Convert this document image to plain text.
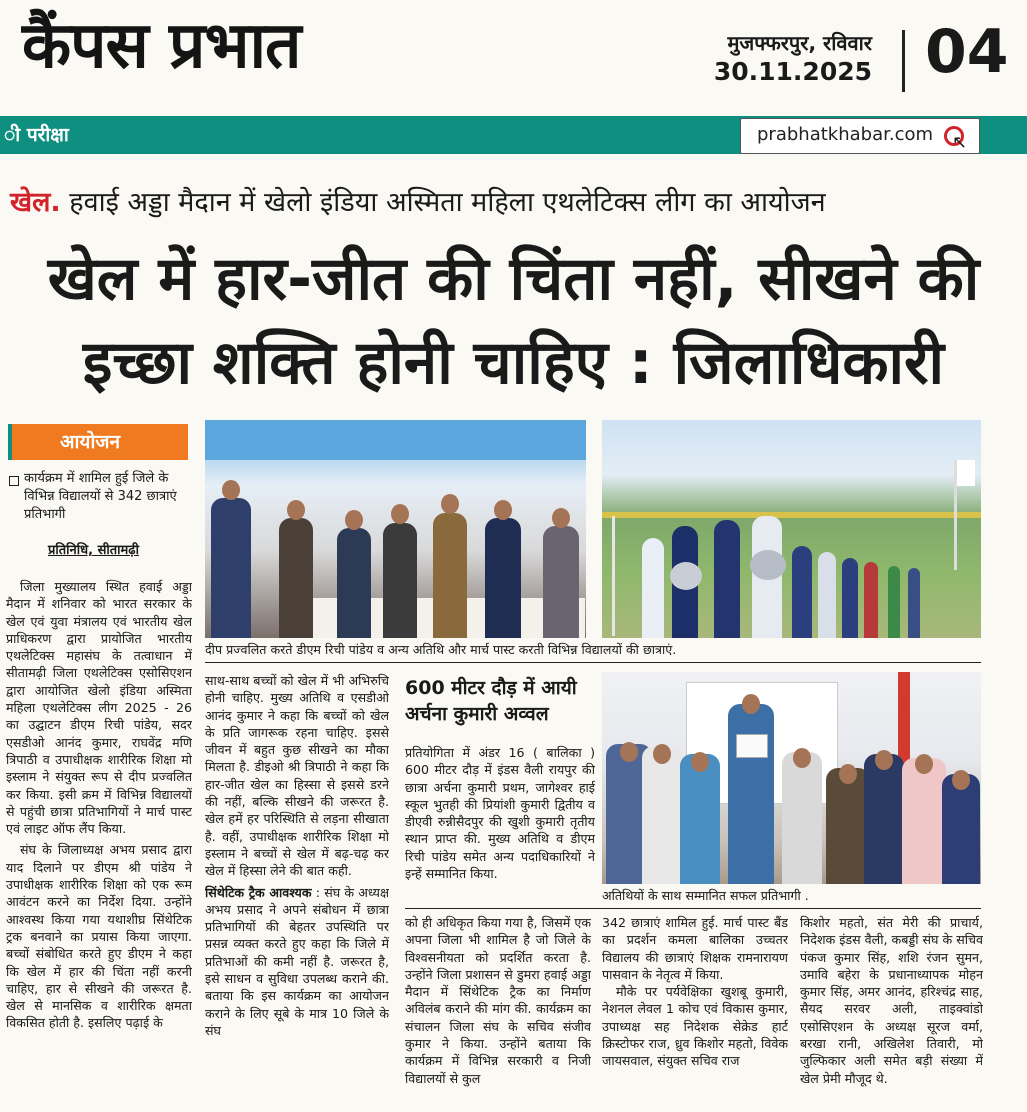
कैंपस प्रभात	मुजफ्फरपुर, रविवार
30.11.2025 04
ी परीक्षा	prabhatkhabar.com ↖
खेल. हवाई अड्डा मैदान में खेलो इंडिया अस्मिता महिला एथलेटिक्स लीग का आयोजन
खेल में हार-जीत की चिंता नहीं, सीखने की
इच्छा शक्ति होनी चाहिए : जिलाधिकारी
आयोजन
कार्यक्रम में शामिल हुई जिले के विभिन्न विद्यालयों से 342 छात्राएं प्रतिभागी
प्रतिनिधि, सीतामढ़ी

जिला मुख्यालय स्थित हवाई अड्डा मैदान में शनिवार को भारत सरकार के खेल एवं युवा मंत्रालय एवं भारतीय खेल प्राधिकरण द्वारा प्रायोजित भारतीय एथलेटिक्स महासंघ के तत्वाधान में सीतामढ़ी जिला एथलेटिक्स एसोसिएशन द्वारा आयोजित खेलो इंडिया अस्मिता महिला एथलेटिक्स लीग 2025 - 26 का उद्घाटन डीएम रिची पांडेय, सदर एसडीओ आनंद कुमार, राघवेंद्र मणि त्रिपाठी व उपाधीक्षक शारीरिक शिक्षा मो इस्लाम ने संयुक्त रूप से दीप प्रज्वलित कर किया. इसी क्रम में विभिन्न विद्यालयों से पहुंची छात्रा प्रतिभागियों ने मार्च पास्ट एवं लाइट ऑफ लैंप किया.

संघ के जिलाध्यक्ष अभय प्रसाद द्वारा याद दिलाने पर डीएम श्री पांडेय ने उपाधीक्षक शारीरिक शिक्षा को एक रूम आवंटन करने का निर्देश दिया. उन्होंने आश्वस्थ किया गया यथाशीघ्र सिंथेटिक ट्रक बनवाने का प्रयास किया जाएगा. बच्चों संबोधित करते हुए डीएम ने कहा कि खेल में हार की चिंता नहीं करनी चाहिए, हार से सीखने की जरूरत है. खेल से मानसिक व शारीरिक क्षमता विकसित होती है. इसलिए पढ़ाई के

दीप प्रज्वलित करते डीएम रिची पांडेय व अन्य अतिथि और मार्च पास्ट करती विभिन्न विद्यालयों की छात्राएं.

साथ-साथ बच्चों को खेल में भी अभिरुचि होनी चाहिए. मुख्य अतिथि व एसडीओ आनंद कुमार ने कहा कि बच्चों को खेल के प्रति जागरूक रहना चाहिए. इससे जीवन में बहुत कुछ सीखने का मौका मिलता है. डीइओ श्री त्रिपाठी ने कहा कि हार-जीत खेल का हिस्सा से इससे डरने की नहीं, बल्कि सीखने की जरूरत है. खेल हमें हर परिस्थिति से लड़ना सीखाता है. वहीं, उपाधीक्षक शारीरिक शिक्षा मो इस्लाम ने बच्चों से खेल में बढ़-चढ़ कर खेल में हिस्सा लेने की बात कही.

सिंथेटिक ट्रैक आवश्यक : संघ के अध्यक्ष अभय प्रसाद ने अपने संबोधन में छात्रा प्रतिभागियों की बेहतर उपस्थिति पर प्रसन्न व्यक्त करते हुए कहा कि जिले में प्रतिभाओं की कमी नहीं है. जरूरत है, इसे साधन व सुविधा उपलब्ध कराने की. बताया कि इस कार्यक्रम का आयोजन कराने के लिए सूबे के मात्र 10 जिले के संघ

600 मीटर दौड़ में आयी अर्चना कुमारी अव्वल
प्रतियोगिता में अंडर 16 ( बालिका ) 600 मीटर दौड़ में इंडस वैली रायपुर की छात्रा अर्चना कुमारी प्रथम, जागेश्वर हाई स्कूल भुतही की प्रियांशी कुमारी द्वितीय व डीएवी रुन्नीसैदपुर की खुशी कुमारी तृतीय स्थान प्राप्त की. मुख्य अतिथि व डीएम रिची पांडेय समेत अन्य पदाधिकारियों ने इन्हें सम्मानित किया.
अतिथियों के साथ सम्मानित सफल प्रतिभागी .

को ही अधिकृत किया गया है, जिसमें एक अपना जिला भी शामिल है जो जिले के विश्वसनीयता को प्रदर्शित करता है. उन्होंने जिला प्रशासन से डुमरा हवाई अड्डा मैदान में सिंथेटिक ट्रैक का निर्माण अविलंब कराने की मांग की. कार्यक्रम का संचालन जिला संघ के सचिव संजीव कुमार ने किया. उन्होंने बताया कि कार्यक्रम में विभिन्न सरकारी व निजी विद्यालयों से कुल

342 छात्राएं शामिल हुई. मार्च पास्ट बैंड का प्रदर्शन कमला बालिका उच्चतर विद्यालय की छात्राएं शिक्षक रामनारायण पासवान के नेतृत्व में किया.

मौके पर पर्यवेक्षिका खुशबू कुमारी, नेशनल लेवल 1 कोच एवं विकास कुमार, उपाध्यक्ष सह निदेशक सेक्रेड हार्ट क्रिस्टोफर राज, ध्रुव किशोर महतो, विवेक जायसवाल, संयुक्त सचिव राज

किशोर महतो, संत मेरी की प्राचार्य, निदेशक इंडस वैली, कबड्डी संघ के सचिव पंकज कुमार सिंह, शशि रंजन सुमन, उमावि बहेरा के प्रधानाध्यापक मोहन कुमार सिंह, अमर आनंद, हरिश्चंद्र साह, सैयद सरवर अली, ताइक्वांडो एसोसिएशन के अध्यक्ष सूरज वर्मा, बरखा रानी, अखिलेश तिवारी, मो जुल्फिकार अली समेत बड़ी संख्या में खेल प्रेमी मौजूद थे.
